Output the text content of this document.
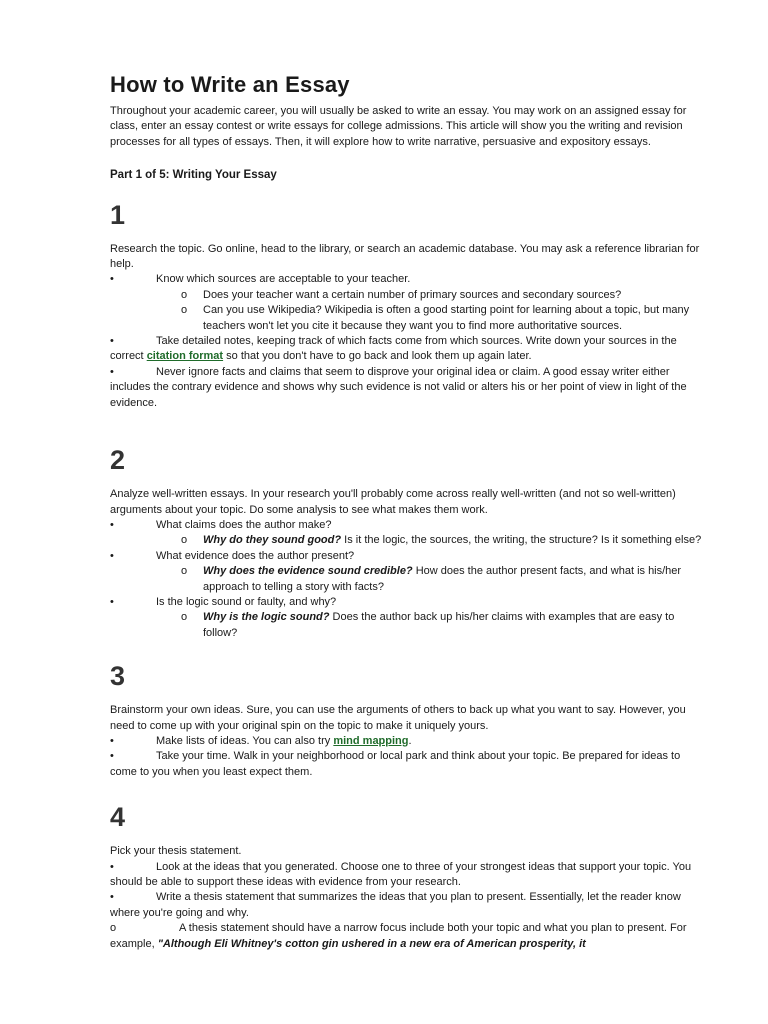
How to Write an Essay

Throughout your academic career, you will usually be asked to write an essay. You may work on an assigned essay for class, enter an essay contest or write essays for college admissions. This article will show you the writing and revision processes for all types of essays. Then, it will explore how to write narrative, persuasive and expository essays.

Part 1 of 5: Writing Your Essay

1

Research the topic. Go online, head to the library, or search an academic database. You may ask a reference librarian for help.

•	Know which sources are acceptable to your teacher.

o Does your teacher want a certain number of primary sources and secondary sources?

o Can you use Wikipedia? Wikipedia is often a good starting point for learning about a topic, but many teachers won't let you cite it because they want you to find more authoritative sources.

•	Take detailed notes, keeping track of which facts come from which sources. Write down your sources in the correct citation format so that you don't have to go back and look them up again later.

•	Never ignore facts and claims that seem to disprove your original idea or claim. A good essay writer either includes the contrary evidence and shows why such evidence is not valid or alters his or her point of view in light of the evidence.

2

Analyze well-written essays. In your research you'll probably come across really well-written (and not so well-written) arguments about your topic. Do some analysis to see what makes them work.

•	What claims does the author make?

o Why do they sound good? Is it the logic, the sources, the writing, the structure? Is it something else?

•	What evidence does the author present?

o Why does the evidence sound credible? How does the author present facts, and what is his/her approach to telling a story with facts?

•	Is the logic sound or faulty, and why?

o Why is the logic sound? Does the author back up his/her claims with examples that are easy to follow?

3

Brainstorm your own ideas. Sure, you can use the arguments of others to back up what you want to say. However, you need to come up with your original spin on the topic to make it uniquely yours.

•	Make lists of ideas. You can also try mind mapping.

•	Take your time. Walk in your neighborhood or local park and think about your topic. Be prepared for ideas to come to you when you least expect them.

4

Pick your thesis statement.

•	Look at the ideas that you generated. Choose one to three of your strongest ideas that support your topic. You should be able to support these ideas with evidence from your research.

•	Write a thesis statement that summarizes the ideas that you plan to present. Essentially, let the reader know where you're going and why.

o	A thesis statement should have a narrow focus include both your topic and what you plan to present. For example, "Although Eli Whitney's cotton gin ushered in a new era of American prosperity, it
